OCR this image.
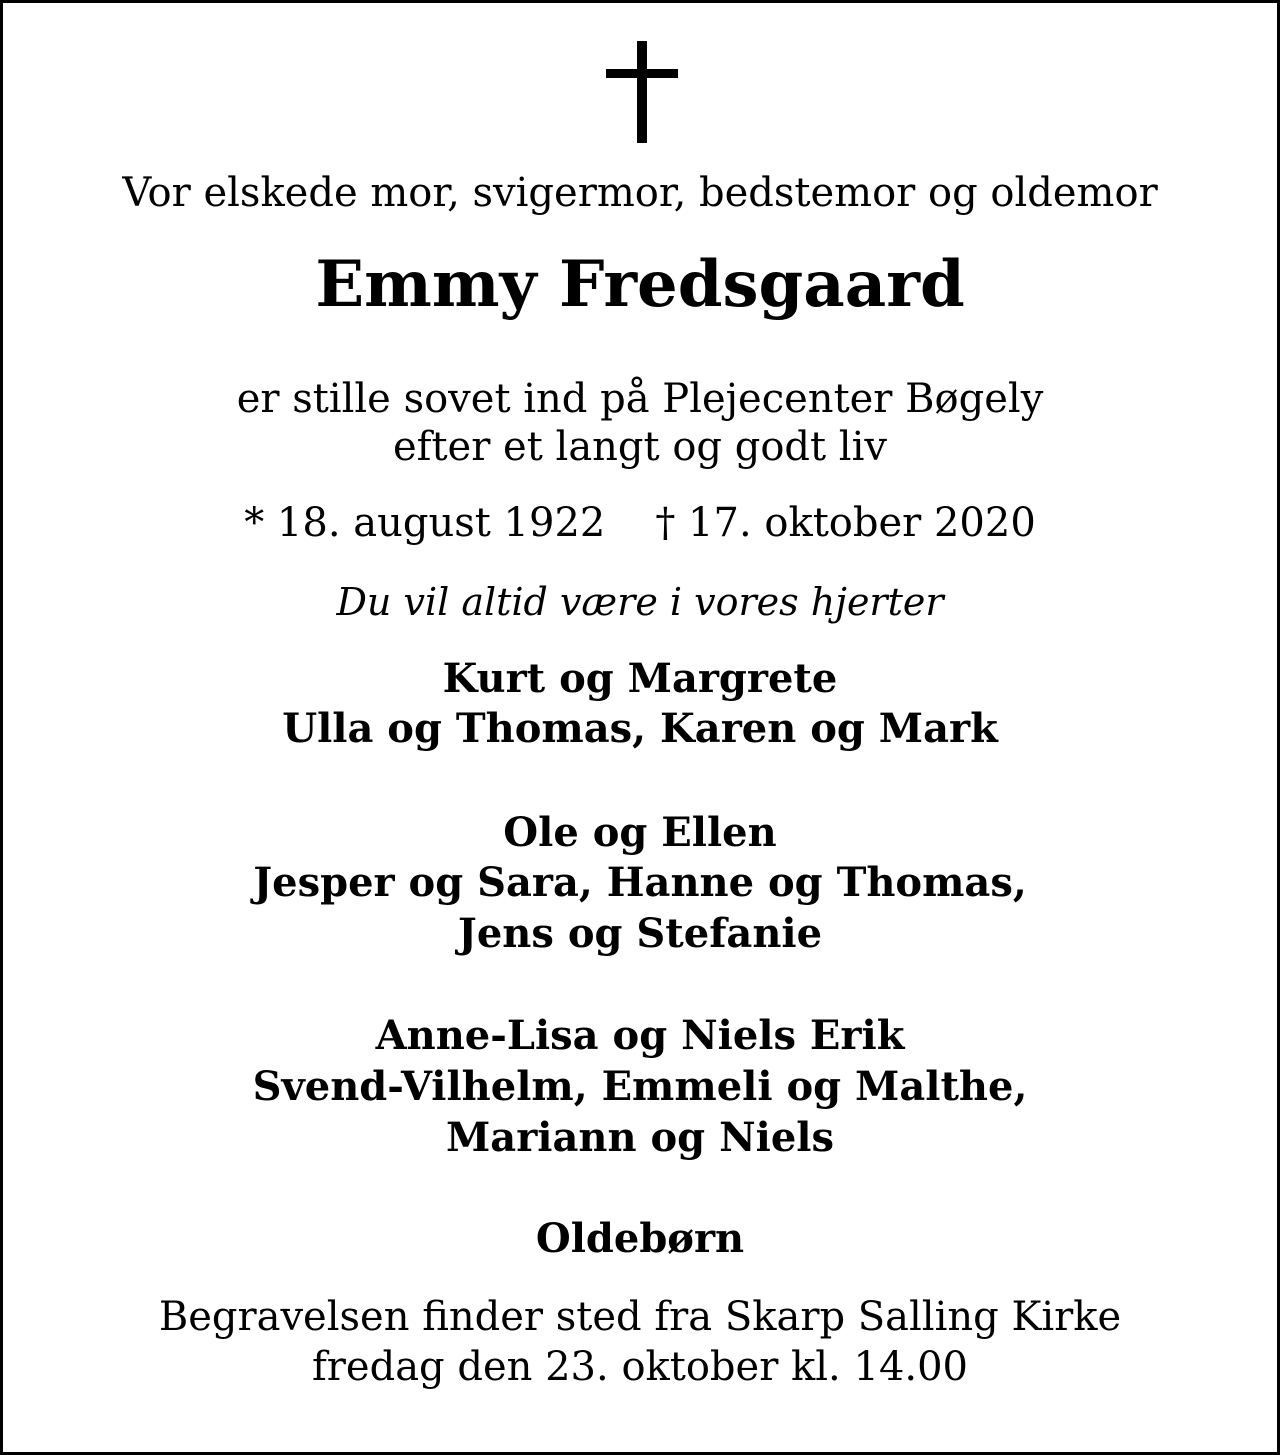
Vor elskede mor, svigermor, bedstemor og oldemor
Emmy Fredsgaard
er stille sovet ind på Plejecenter Bøgely
efter et langt og godt liv
* 18. august 1922 † 17. oktober 2020
Du vil altid være i vores hjerter
Kurt og Margrete
Ulla og Thomas, Karen og Mark
Ole og Ellen
Jesper og Sara, Hanne og Thomas,
Jens og Stefanie
Anne-Lisa og Niels Erik
Svend-Vilhelm, Emmeli og Malthe,
Mariann og Niels
Oldebørn
Begravelsen finder sted fra Skarp Salling Kirke
fredag den 23. oktober kl. 14.00
